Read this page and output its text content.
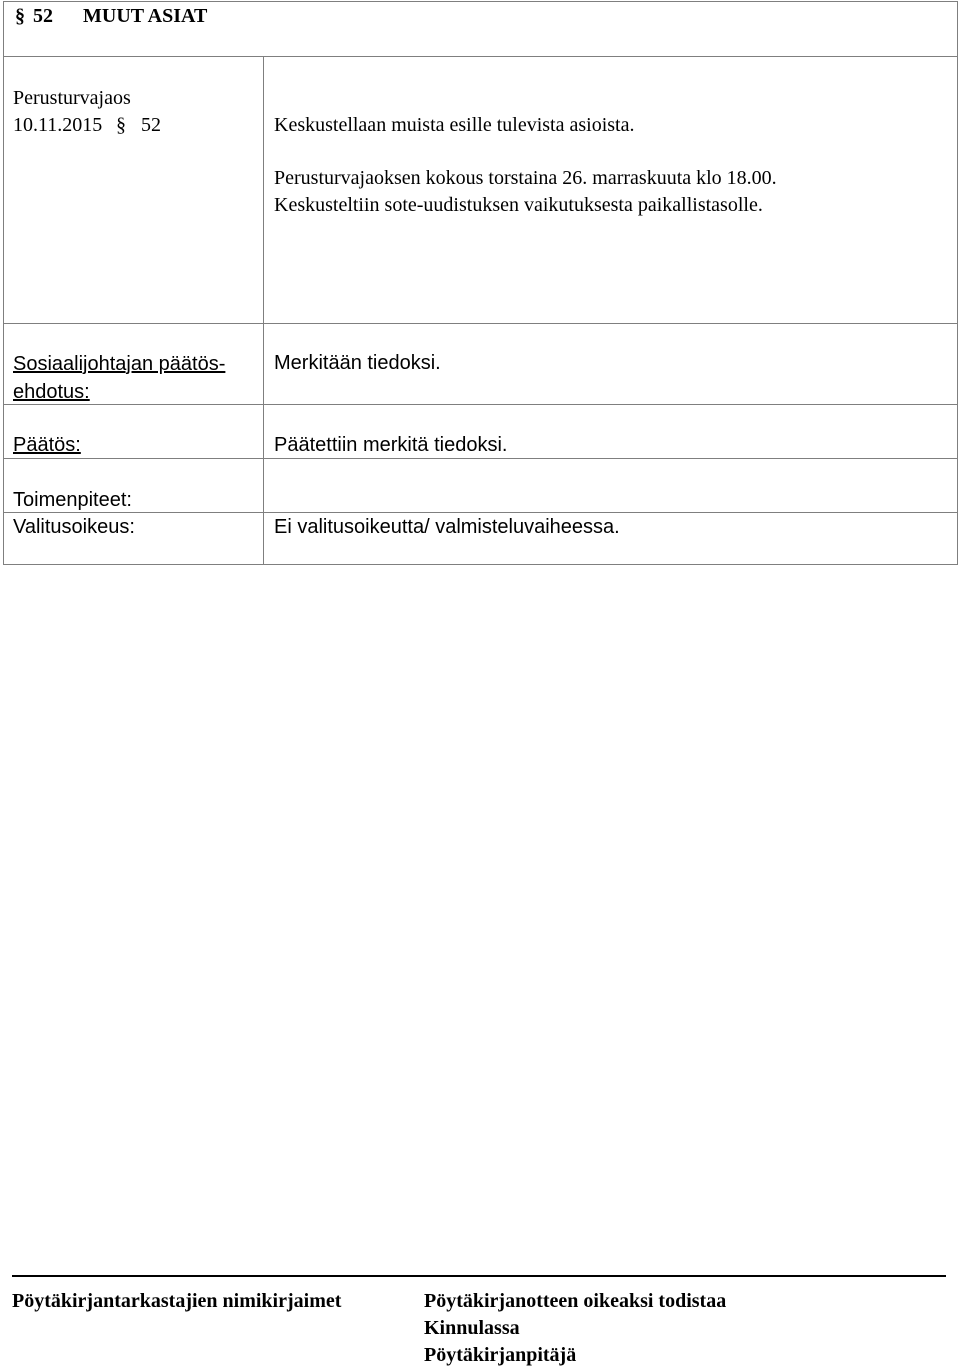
§ 52 MUUT ASIAT	

Perusturvajaos
10.11.2015 § 52	Keskustellaan muista esille tulevista asioista.
Perusturvajaoksen kokous torstaina 26. marraskuuta klo 18.00.
Keskusteltiin sote-uudistuksen vaikutuksesta paikallistasolle.

Sosiaalijohtajan päätös-
ehdotus:	Merkitään tiedoksi.

Päätös:	Päätettiin merkitä tiedoksi.

Toimenpiteet:	

Valitusoikeus:	Ei valitusoikeutta/ valmisteluvaiheessa.
Pöytäkirjantarkastajien nimikirjaimet	Pöytäkirjanotteen oikeaksi todistaa
Kinnulassa
Pöytäkirjanpitäjä
